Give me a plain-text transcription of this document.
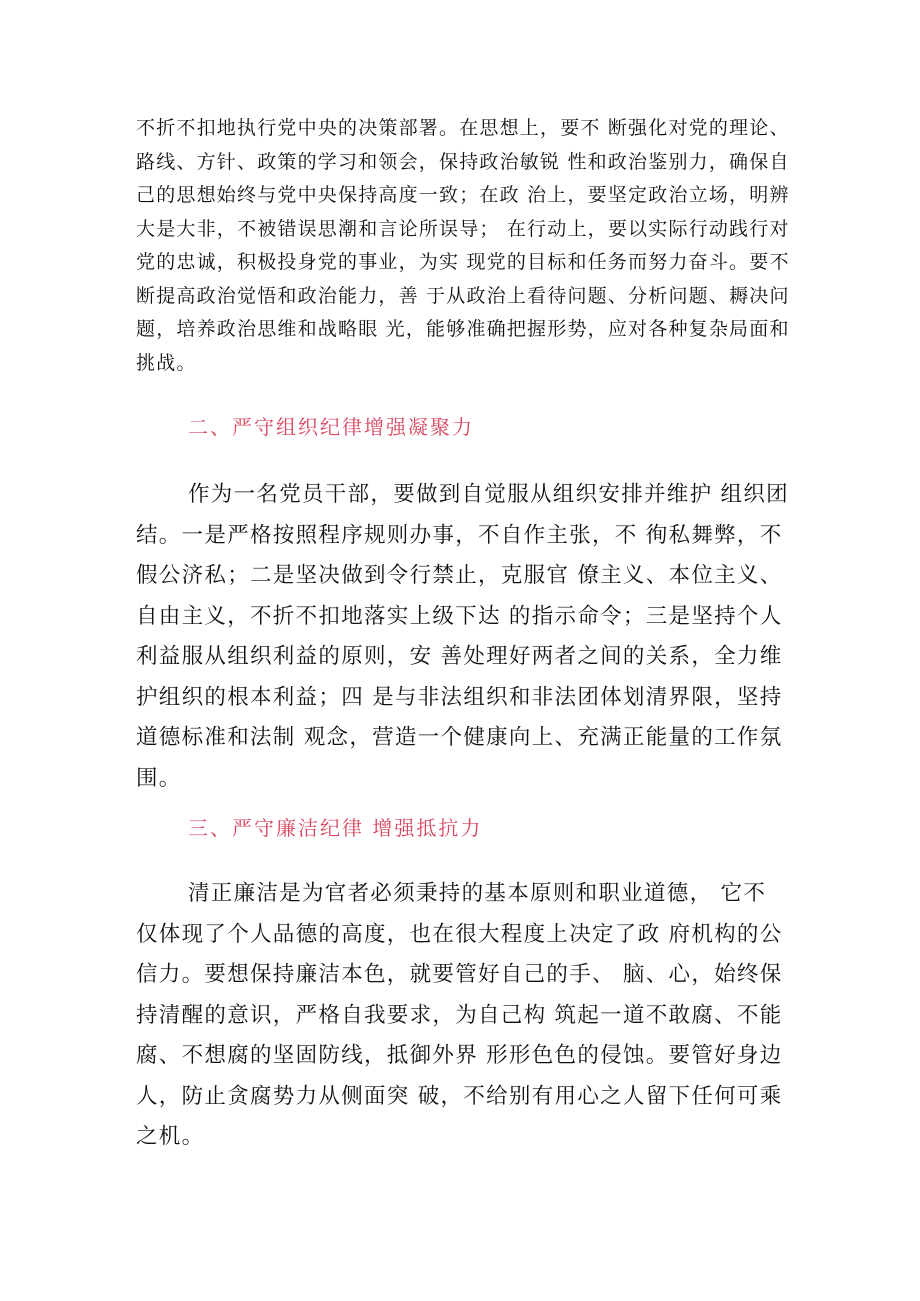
不折不扣地执行党中央的决策部署。在思想上，要不 断强化对党的理论、
路线、方针、政策的学习和领会，保持政治敏锐 性和政治鉴别力，确保自
己的思想始终与党中央保持高度一致；在政 治上，要坚定政治立场，明辨
大是大非，不被错误思潮和言论所误导； 在行动上，要以实际行动践行对
党的忠诚，积极投身党的事业，为实 现党的目标和任务而努力奋斗。要不
断提高政治觉悟和政治能力，善 于从政治上看待问题、分析问题、耨决问
题，培养政治思维和战略眼 光，能够准确把握形势，应对各种复杂局面和
挑战。
二、严守组织纪律增强凝聚力
作为一名党员干部，要做到自觉服从组织安排并维护 组织团
结。一是严格按照程序规则办事，不自作主张，不 徇私舞弊，不
假公济私；二是坚决做到令行禁止，克服官 僚主义、本位主义、
自由主义，不折不扣地落实上级下达 的指示命令；三是坚持个人
利益服从组织利益的原则，安 善处理好两者之间的关系，全力维
护组织的根本利益；四 是与非法组织和非法团体划清界限，坚持
道德标准和法制 观念，营造一个健康向上、充满正能量的工作氛
围。
三、严守廉洁纪律 增强抵抗力
清正廉洁是为官者必须秉持的基本原则和职业道德， 它不
仅体现了个人品德的高度，也在很大程度上决定了政 府机构的公
信力。要想保持廉洁本色，就要管好自己的手、 脑、心，始终保
持清醒的意识，严格自我要求，为自己构 筑起一道不敢腐、不能
腐、不想腐的坚固防线，抵御外界 形形色色的侵蚀。要管好身边
人，防止贪腐势力从侧面突 破，不给别有用心之人留下任何可乘
之机。
